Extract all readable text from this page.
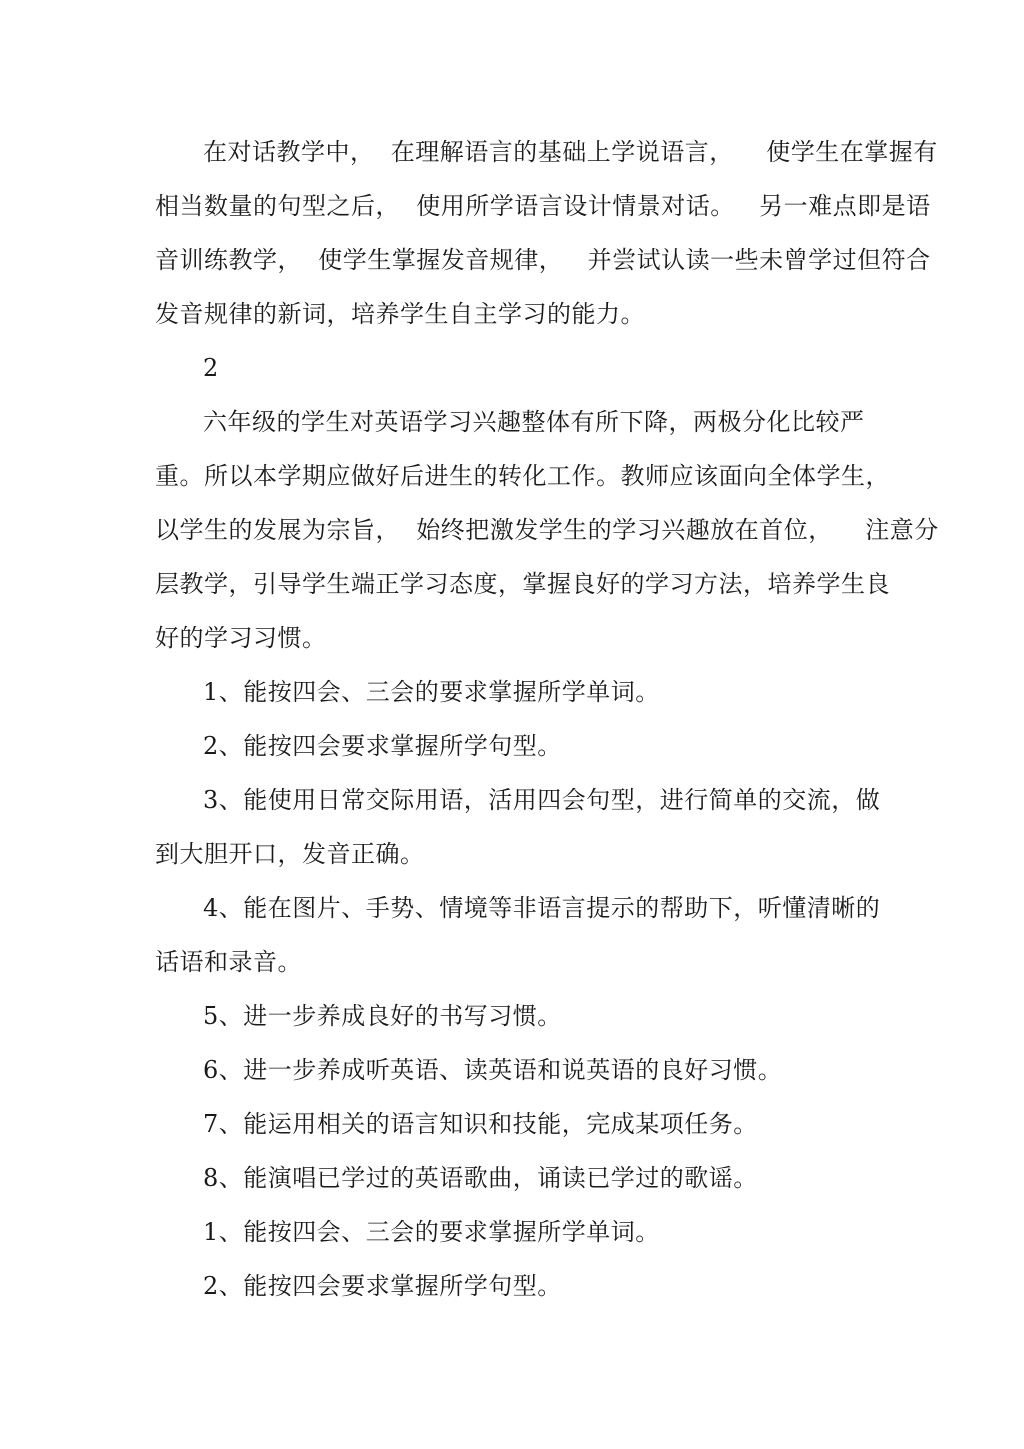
在对话教学中，  在理解语言的基础上学说语言，    使学生在掌握有
相当数量的句型之后，  使用所学语言设计情景对话。   另一难点即是语
音训练教学，  使学生掌握发音规律，   并尝试认读一些未曾学过但符合
发音规律的新词，培养学生自主学习的能力。
2
六年级的学生对英语学习兴趣整体有所下降，两极分化比较严
重。所以本学期应做好后进生的转化工作。教师应该面向全体学生，
以学生的发展为宗旨，  始终把激发学生的学习兴趣放在首位，    注意分
层教学，引导学生端正学习态度，掌握良好的学习方法，培养学生良
好的学习习惯。
1、能按四会、三会的要求掌握所学单词。
2、能按四会要求掌握所学句型。
3、能使用日常交际用语，活用四会句型，进行简单的交流，做
到大胆开口，发音正确。
4、能在图片、手势、情境等非语言提示的帮助下，听懂清晰的
话语和录音。
5、进一步养成良好的书写习惯。
6、进一步养成听英语、读英语和说英语的良好习惯。
7、能运用相关的语言知识和技能，完成某项任务。
8、能演唱已学过的英语歌曲，诵读已学过的歌谣。
1、能按四会、三会的要求掌握所学单词。
2、能按四会要求掌握所学句型。
